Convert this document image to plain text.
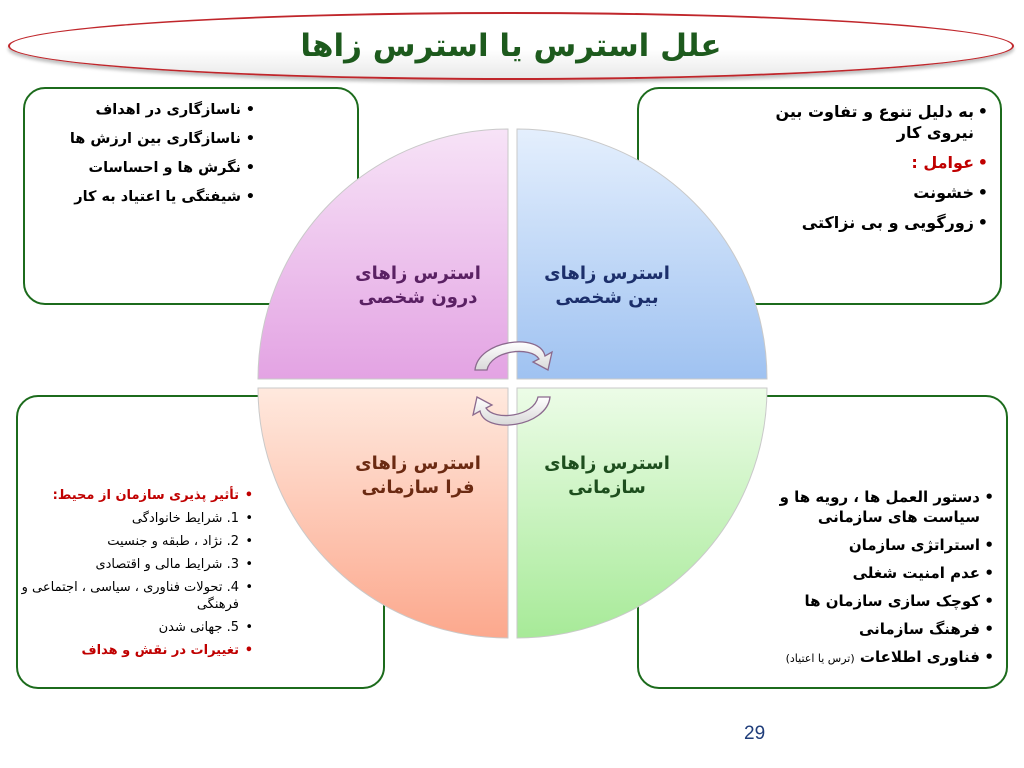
علل استرس یا استرس زاها
• به دلیل تنوع و تفاوت بین نیروی کار
• عوامل :
• خشونت
• زورگویی و بی نزاکتی
• ناسازگاری در اهداف
• ناسازگاری بین ارزش ها
• نگرش ها و احساسات
• شیفتگی یا اعتیاد به کار
• دستور العمل ها ، رویه ها و سیاست های سازمانی
• استراتژی سازمان
• عدم امنیت شغلی
• کوچک سازی سازمان ها
• فرهنگ سازمانی
• فناوری اطلاعات (ترس یا اعتیاد)
• تأثیر پذیری سازمان از محیط:
• 1. شرایط خانوادگی
• 2. نژاد ، طبقه و جنسیت
• 3. شرایط مالی و اقتصادی
• 4. تحولات فناوری ، سیاسی ، اجتماعی و فرهنگی
• 5. جهانی شدن
• تغییرات در نقش و هداف
استرس زاهای
درون شخصی
استرس زاهای
بین شخصی
استرس زاهای
فرا سازمانی
استرس زاهای
سازمانی
29
